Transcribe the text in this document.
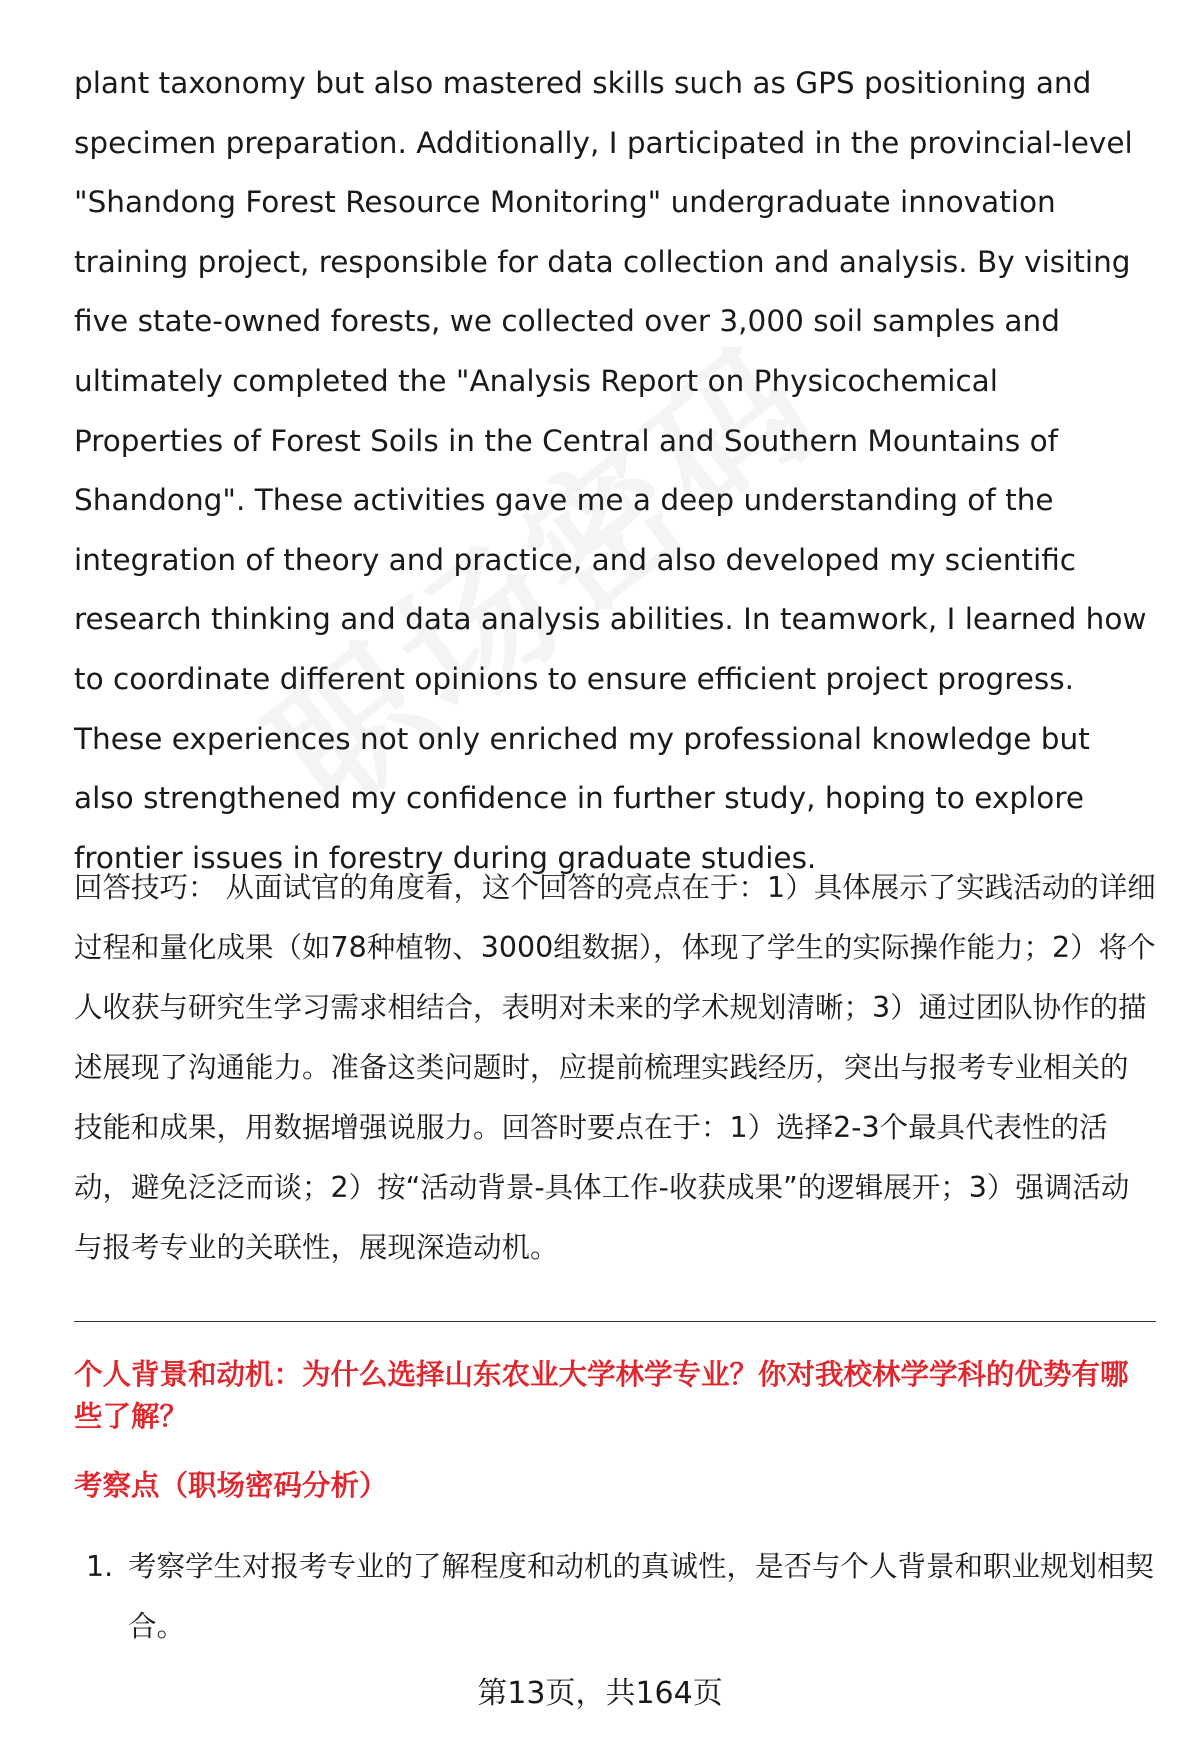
plant taxonomy but also mastered skills such as GPS positioning and specimen preparation. Additionally, I participated in the provincial-level "Shandong Forest Resource Monitoring" undergraduate innovation training project, responsible for data collection and analysis. By visiting five state-owned forests, we collected over 3,000 soil samples and ultimately completed the "Analysis Report on Physicochemical Properties of Forest Soils in the Central and Southern Mountains of Shandong". These activities gave me a deep understanding of the integration of theory and practice, and also developed my scientific research thinking and data analysis abilities. In teamwork, I learned how to coordinate different opinions to ensure efficient project progress. These experiences not only enriched my professional knowledge but also strengthened my confidence in further study, hoping to explore frontier issues in forestry during graduate studies.

回答技巧： 从面试官的角度看，这个回答的亮点在于：1）具体展示了实践活动的详细过程和量化成果（如78种植物、3000组数据），体现了学生的实际操作能力；2）将个人收获与研究生学习需求相结合，表明对未来的学术规划清晰；3）通过团队协作的描述展现了沟通能力。准备这类问题时，应提前梳理实践经历，突出与报考专业相关的技能和成果，用数据增强说服力。回答时要点在于：1）选择2-3个最具代表性的活动，避免泛泛而谈；2）按“活动背景-具体工作-收获成果”的逻辑展开；3）强调活动与报考专业的关联性，展现深造动机。

个人背景和动机：为什么选择山东农业大学林学专业？你对我校林学学科的优势有哪些了解？
考察点（职场密码分析）
1. 考察学生对报考专业的了解程度和动机的真诚性，是否与个人背景和职业规划相契合。
第13页，共164页
